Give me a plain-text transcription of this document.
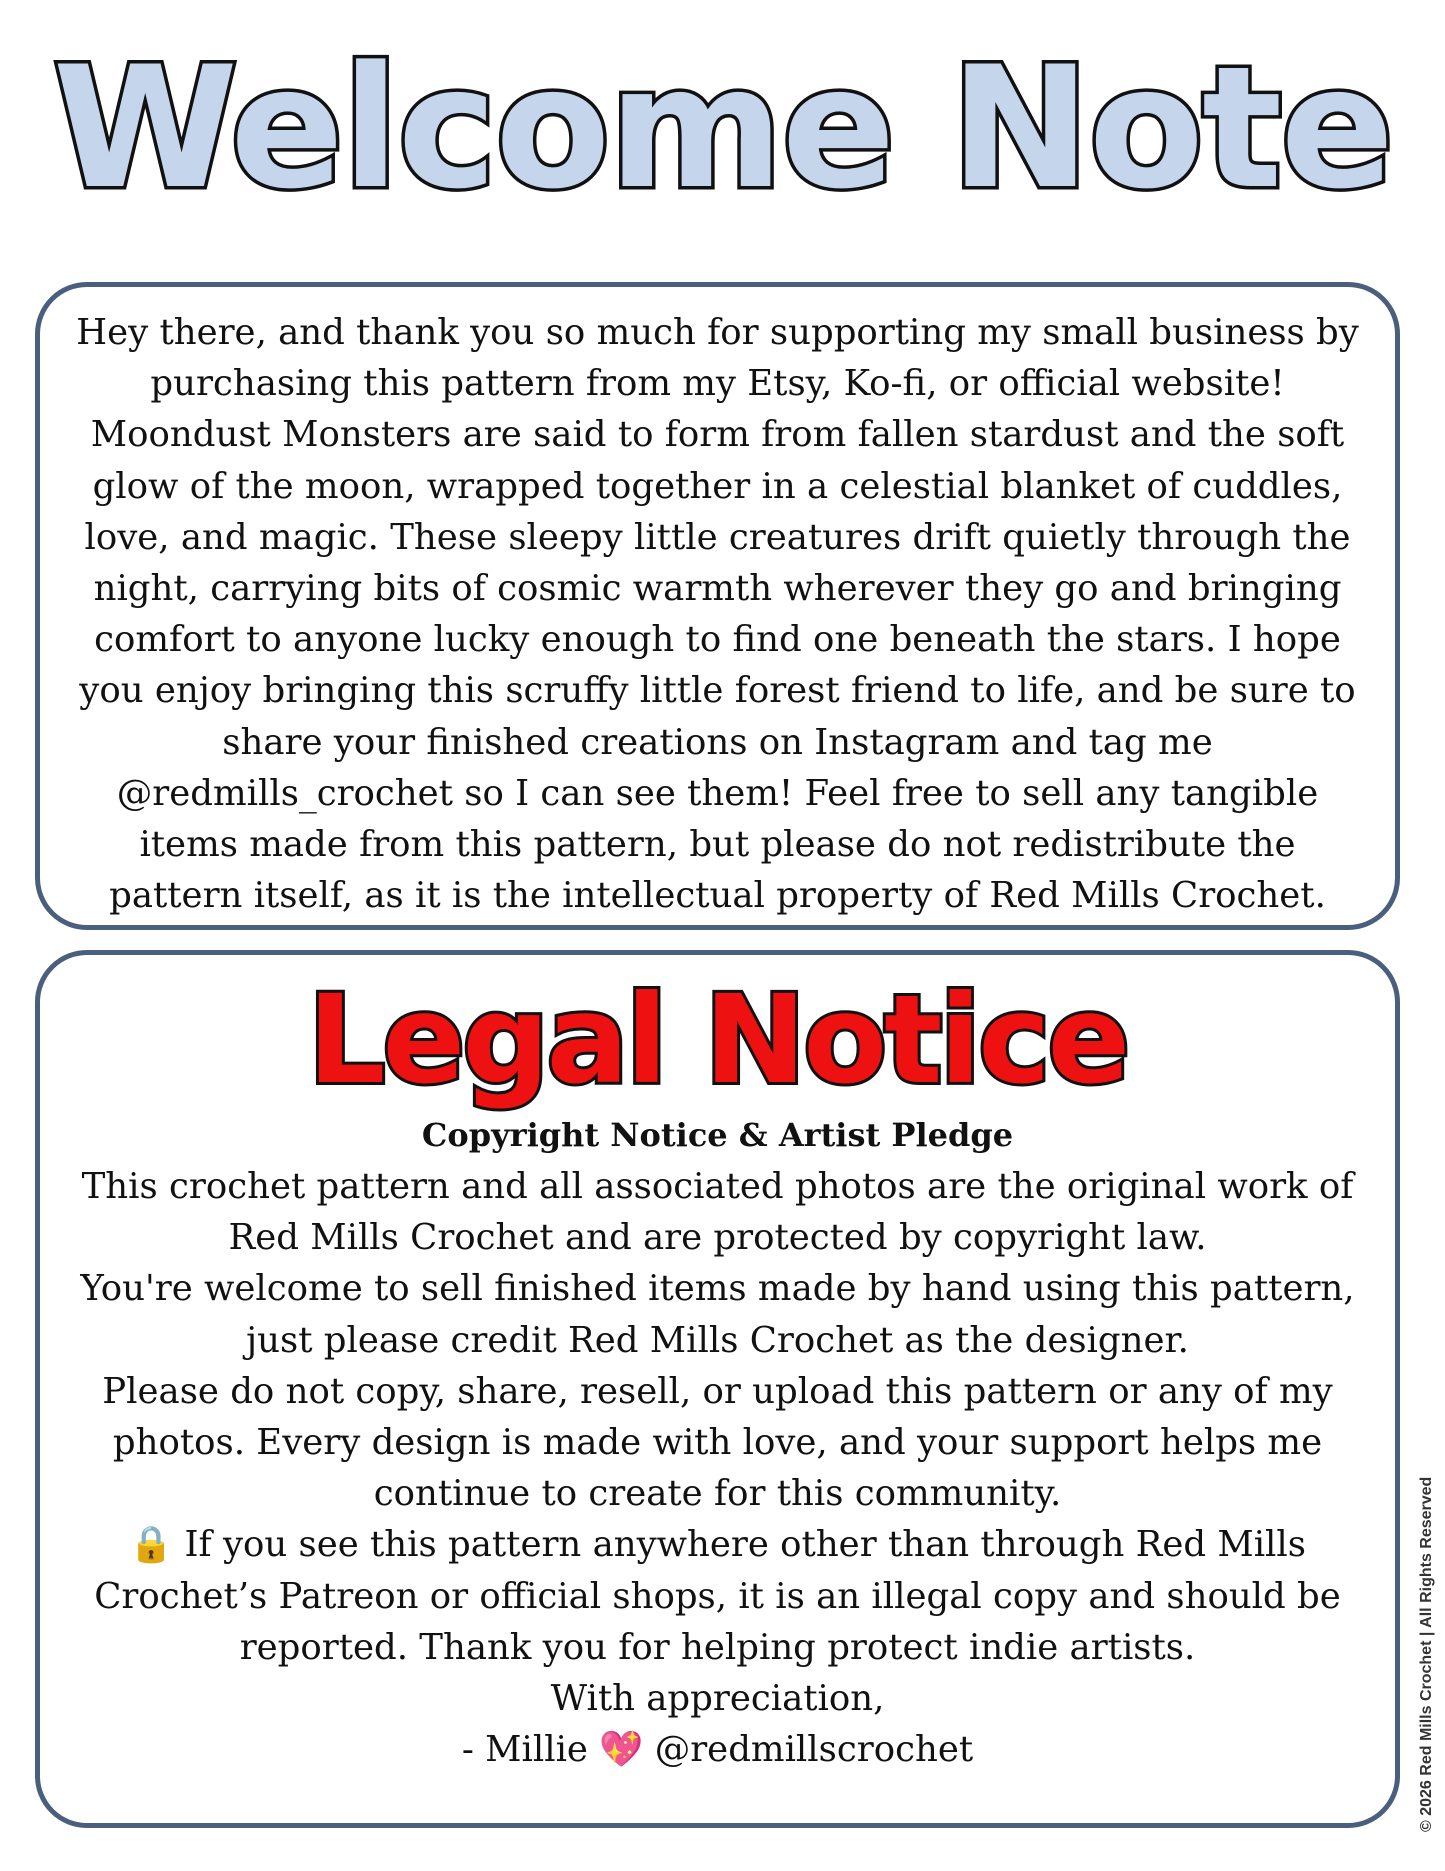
Welcome Note

Hey there, and thank you so much for supporting my small business by
purchasing this pattern from my Etsy, Ko-fi, or official website!
Moondust Monsters are said to form from fallen stardust and the soft
glow of the moon, wrapped together in a celestial blanket of cuddles,
love, and magic. These sleepy little creatures drift quietly through the
night, carrying bits of cosmic warmth wherever they go and bringing
comfort to anyone lucky enough to find one beneath the stars. I hope
you enjoy bringing this scruffy little forest friend to life, and be sure to
share your finished creations on Instagram and tag me
@redmills_crochet so I can see them! Feel free to sell any tangible
items made from this pattern, but please do not redistribute the
pattern itself, as it is the intellectual property of Red Mills Crochet.

Legal Notice
Copyright Notice & Artist Pledge

This crochet pattern and all associated photos are the original work of
Red Mills Crochet and are protected by copyright law.
You're welcome to sell finished items made by hand using this pattern,
just please credit Red Mills Crochet as the designer.
Please do not copy, share, resell, or upload this pattern or any of my
photos. Every design is made with love, and your support helps me
continue to create for this community.
🔒 If you see this pattern anywhere other than through Red Mills
Crochet’s Patreon or official shops, it is an illegal copy and should be
reported. Thank you for helping protect indie artists.
With appreciation,
- Millie 💖 @redmillscrochet	© 2026 Red Mills Crochet | All Rights Reserved
